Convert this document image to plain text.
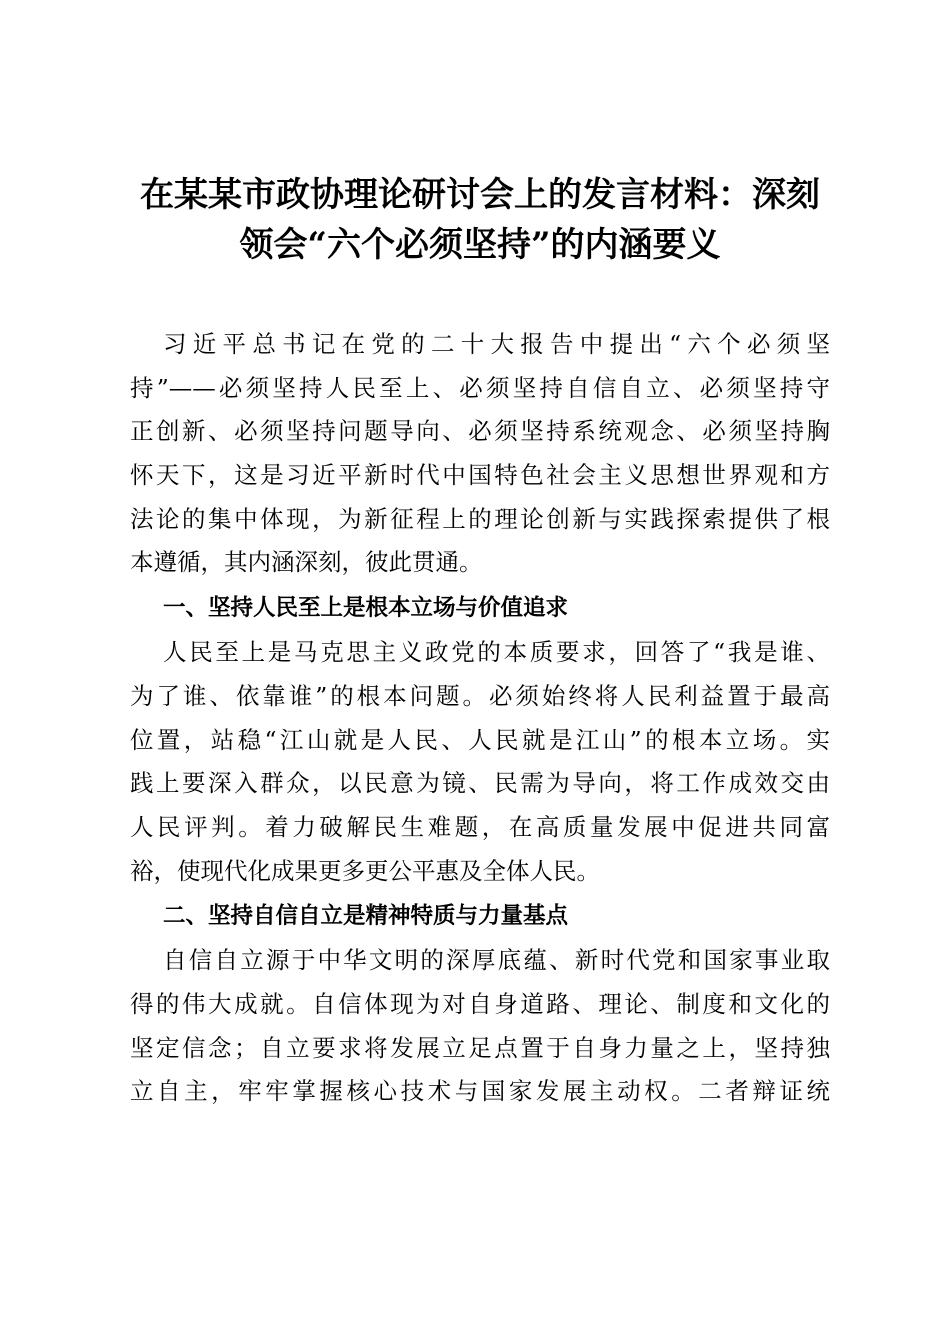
在某某市政协理论研讨会上的发言材料：深刻
领会“六个必须坚持”的内涵要义
习近平总书记在党的二十大报告中提出“六个必须坚
持”——必须坚持人民至上、必须坚持自信自立、必须坚持守
正创新、必须坚持问题导向、必须坚持系统观念、必须坚持胸
怀天下，这是习近平新时代中国特色社会主义思想世界观和方
法论的集中体现，为新征程上的理论创新与实践探索提供了根
本遵循，其内涵深刻，彼此贯通。
一、坚持人民至上是根本立场与价值追求
人民至上是马克思主义政党的本质要求，回答了“我是谁、
为了谁、依靠谁”的根本问题。必须始终将人民利益置于最高
位置，站稳“江山就是人民、人民就是江山”的根本立场。实
践上要深入群众，以民意为镜、民需为导向，将工作成效交由
人民评判。着力破解民生难题，在高质量发展中促进共同富
裕，使现代化成果更多更公平惠及全体人民。
二、坚持自信自立是精神特质与力量基点
自信自立源于中华文明的深厚底蕴、新时代党和国家事业取
得的伟大成就。自信体现为对自身道路、理论、制度和文化的
坚定信念；自立要求将发展立足点置于自身力量之上，坚持独
立自主，牢牢掌握核心技术与国家发展主动权。二者辩证统
